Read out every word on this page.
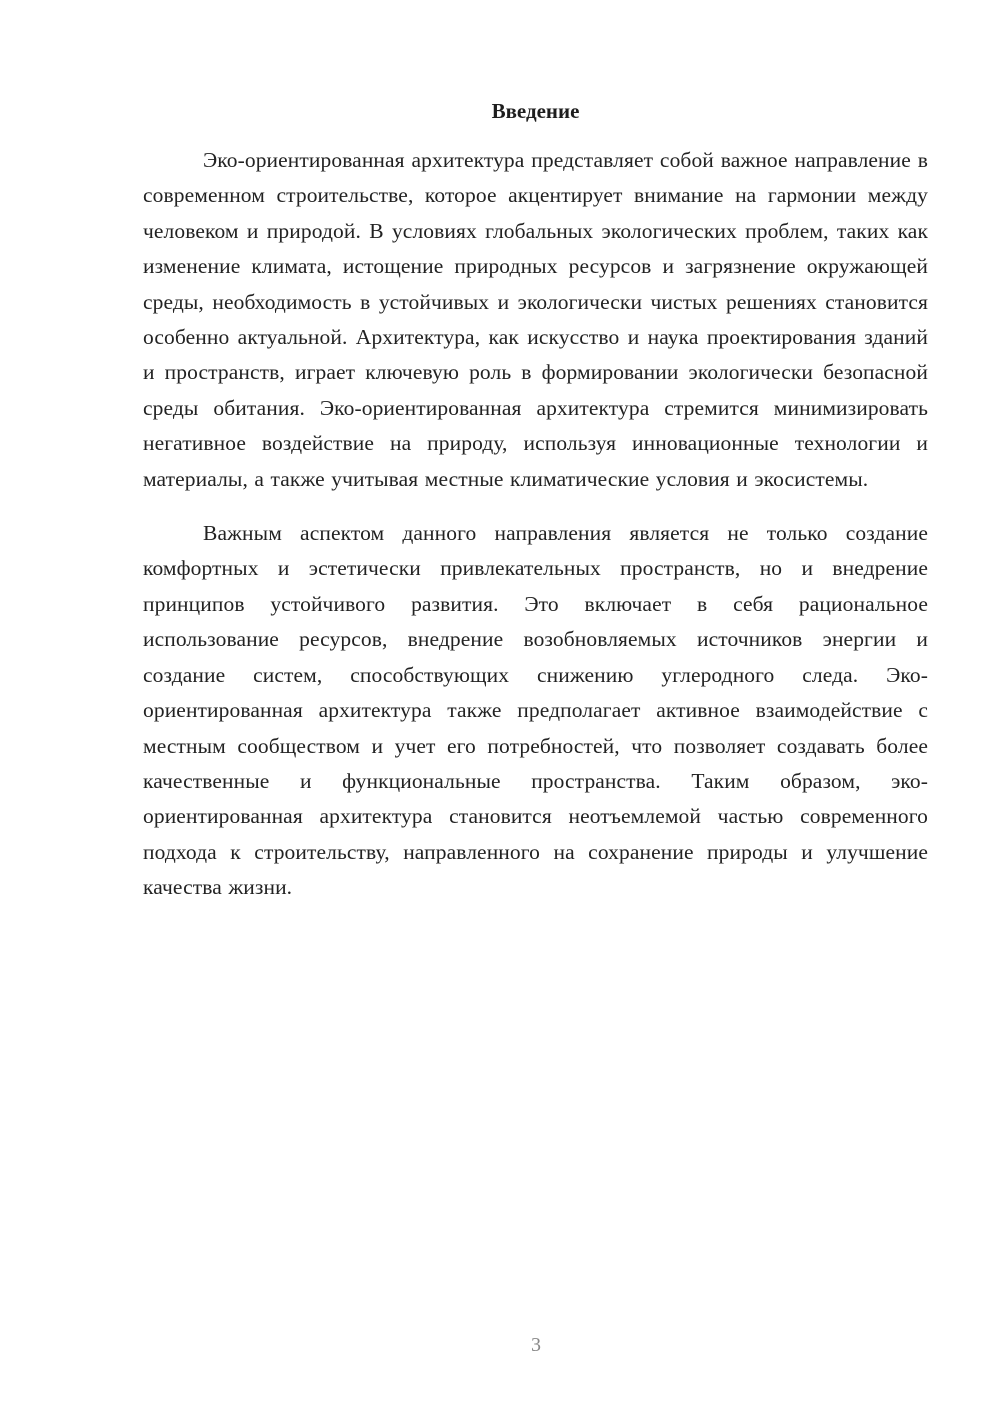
Введение

Эко-ориентированная архитектура представляет собой важное направление в современном строительстве, которое акцентирует внимание на гармонии между человеком и природой. В условиях глобальных экологических проблем, таких как изменение климата, истощение природных ресурсов и загрязнение окружающей среды, необходимость в устойчивых и экологически чистых решениях становится особенно актуальной. Архитектура, как искусство и наука проектирования зданий и пространств, играет ключевую роль в формировании экологически безопасной среды обитания. Эко-ориентированная архитектура стремится минимизировать негативное воздействие на природу, используя инновационные технологии и материалы, а также учитывая местные климатические условия и экосистемы.

Важным аспектом данного направления является не только создание комфортных и эстетически привлекательных пространств, но и внедрение принципов устойчивого развития. Это включает в себя рациональное использование ресурсов, внедрение возобновляемых источников энергии и создание систем, способствующих снижению углеродного следа. Эко-ориентированная архитектура также предполагает активное взаимодействие с местным сообществом и учет его потребностей, что позволяет создавать более качественные и функциональные пространства. Таким образом, эко-ориентированная архитектура становится неотъемлемой частью современного подхода к строительству, направленного на сохранение природы и улучшение качества жизни.

3
